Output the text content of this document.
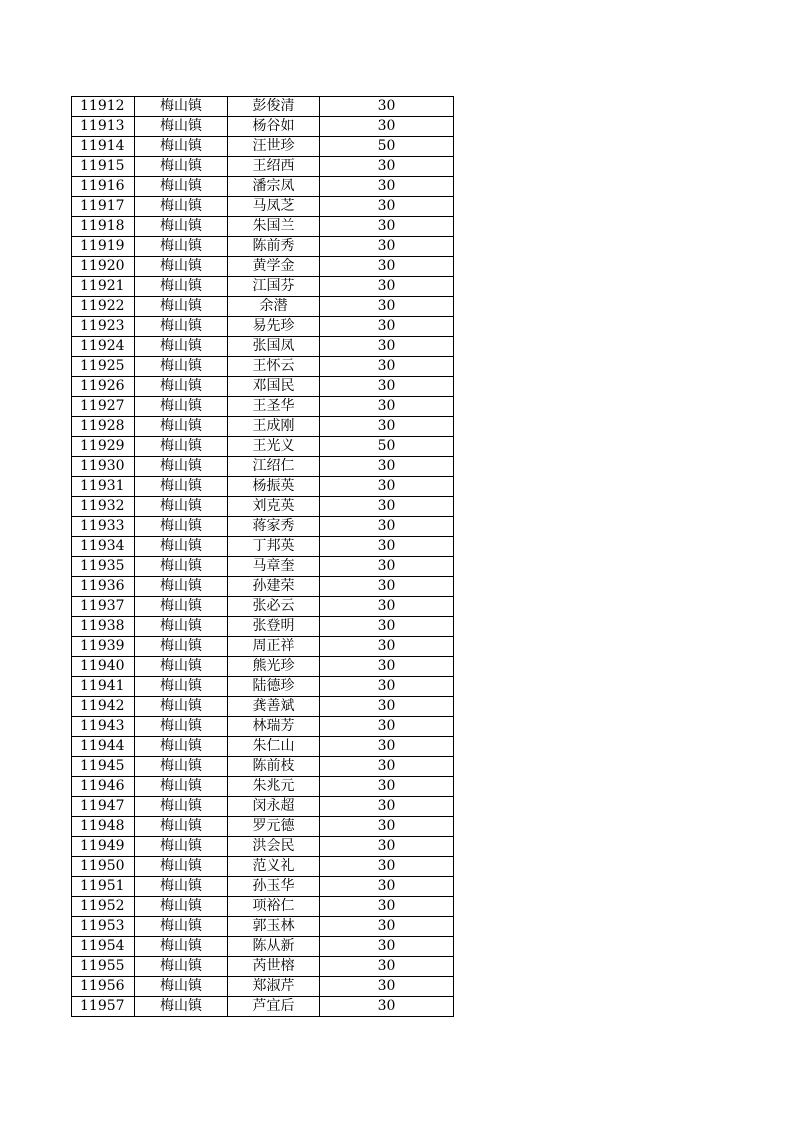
11912	梅山镇	彭俊清	30
11913	梅山镇	杨谷如	30
11914	梅山镇	汪世珍	50
11915	梅山镇	王绍西	30
11916	梅山镇	潘宗凤	30
11917	梅山镇	马凤芝	30
11918	梅山镇	朱国兰	30
11919	梅山镇	陈前秀	30
11920	梅山镇	黄学金	30
11921	梅山镇	江国芬	30
11922	梅山镇	余潜	30
11923	梅山镇	易先珍	30
11924	梅山镇	张国凤	30
11925	梅山镇	王怀云	30
11926	梅山镇	邓国民	30
11927	梅山镇	王圣华	30
11928	梅山镇	王成刚	30
11929	梅山镇	王光义	50
11930	梅山镇	江绍仁	30
11931	梅山镇	杨振英	30
11932	梅山镇	刘克英	30
11933	梅山镇	蒋家秀	30
11934	梅山镇	丁邦英	30
11935	梅山镇	马章奎	30
11936	梅山镇	孙建荣	30
11937	梅山镇	张必云	30
11938	梅山镇	张登明	30
11939	梅山镇	周正祥	30
11940	梅山镇	熊光珍	30
11941	梅山镇	陆德珍	30
11942	梅山镇	龚善斌	30
11943	梅山镇	林瑞芳	30
11944	梅山镇	朱仁山	30
11945	梅山镇	陈前枝	30
11946	梅山镇	朱兆元	30
11947	梅山镇	闵永超	30
11948	梅山镇	罗元德	30
11949	梅山镇	洪会民	30
11950	梅山镇	范义礼	30
11951	梅山镇	孙玉华	30
11952	梅山镇	项裕仁	30
11953	梅山镇	郭玉林	30
11954	梅山镇	陈从新	30
11955	梅山镇	芮世榕	30
11956	梅山镇	郑淑芹	30
11957	梅山镇	芦宜后	30
